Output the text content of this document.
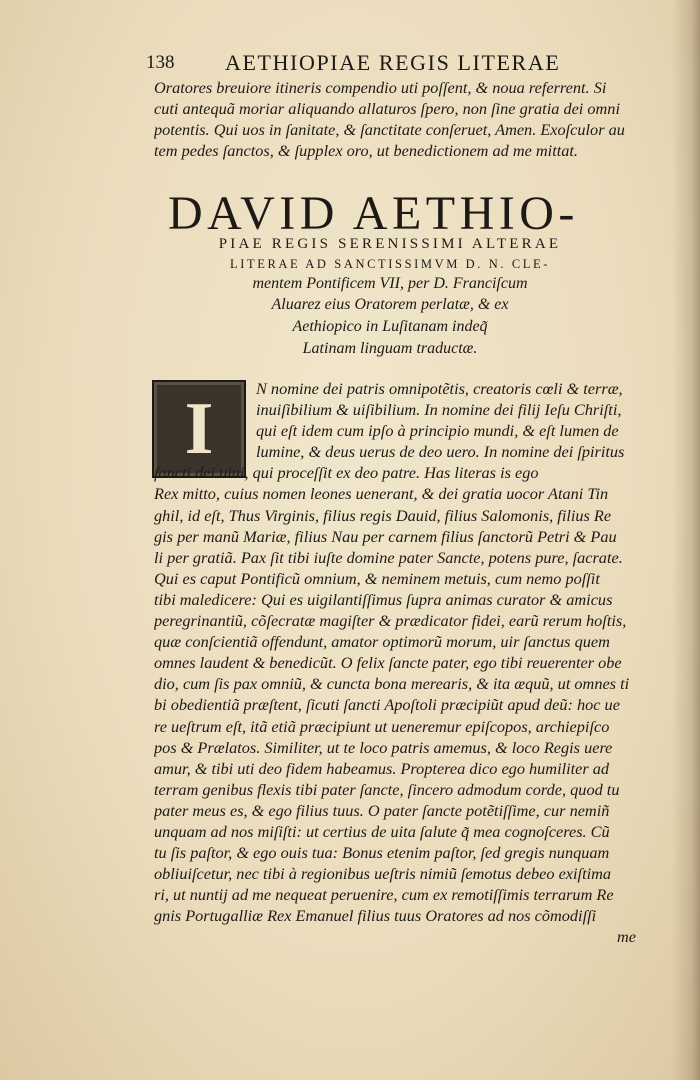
138 AETHIOPIAE REGIS LITERAE
Oratores breuiore itineris compendio uti poſſent, & noua referrent. Si
cuti antequã moriar aliquando allaturos ſpero, non ſine gratia dei omni
potentis. Qui uos in ſanitate, & ſanctitate conſeruet, Amen. Exoſculor au
tem pedes ſanctos, & ſupplex oro, ut benedictionem ad me mittat.
DAVID AETHIO-
PIAE REGIS SERENISSIMI ALTERAE
LITERAE AD SANCTISSIMVM D. N. CLE-
mentem Pontificem VII, per D. Franciſcum
Aluarez eius Oratorem perlatæ, & ex
Aethiopico in Luſitanam indeq̃
Latinam linguam traductæ.
I	N nomine dei patris omnipotẽtis, creatoris cœli & terræ,
inuiſibilium & uiſibilium. In nomine dei filij Ieſu Chriſti,
qui eſt idem cum ipſo à principio mundi, & eſt lumen de
lumine, & deus uerus de deo uero. In nomine dei ſpiritus
ſancti dei uiui, qui proceſſit ex deo patre. Has literas is ego
Rex mitto, cuius nomen leones uenerant, & dei gratia uocor Atani Tin
ghil, id eſt, Thus Virginis, filius regis Dauid, filius Salomonis, filius Re
gis per manũ Mariæ, filius Nau per carnem filius ſanctorũ Petri & Pau
li per gratiã. Pax ſit tibi iuſte domine pater Sancte, potens pure, ſacrate.
Qui es caput Pontificũ omnium, & neminem metuis, cum nemo poſſit
tibi maledicere: Qui es uigilantiſſimus ſupra animas curator & amicus
peregrinantiũ, cõſecratæ magiſter & prædicator fidei, earũ rerum hoſtis,
quæ conſcientiã offendunt, amator optimorũ morum, uir ſanctus quem
omnes laudent & benedicũt. O felix ſancte pater, ego tibi reuerenter obe
dio, cum ſis pax omniũ, & cuncta bona merearis, & ita æquũ, ut omnes ti
bi obedientiã præſtent, ſicuti ſancti Apoſtoli præcipiũt apud deũ: hoc ue
re ueſtrum eſt, itã etiã præcipiunt ut ueneremur epiſcopos, archiepiſco
pos & Prælatos. Similiter, ut te loco patris amemus, & loco Regis uere
amur, & tibi uti deo fidem habeamus. Propterea dico ego humiliter ad
terram genibus flexis tibi pater ſancte, ſincero admodum corde, quod tu
pater meus es, & ego filius tuus. O pater ſancte potẽtiſſime, cur nemiñ
unquam ad nos miſiſti: ut certius de uita ſalute q̃ mea cognoſceres. Cũ
tu ſis paſtor, & ego ouis tua: Bonus etenim paſtor, ſed gregis nunquam
obliuiſcetur, nec tibi à regionibus ueſtris nimiũ ſemotus debeo exiſtima
ri, ut nuntij ad me nequeat peruenire, cum ex remotiſſimis terrarum Re
gnis Portugalliæ Rex Emanuel filius tuus Oratores ad nos cõmodiſſi
me
